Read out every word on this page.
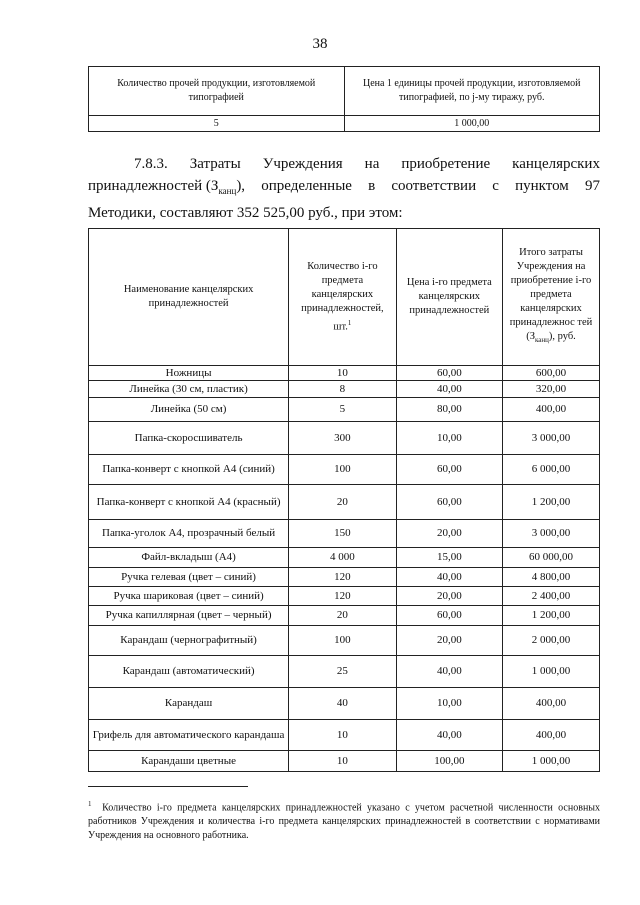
38
Количество прочей продукции, изготовляемой типографией	Цена 1 единицы прочей продукции, изготовляемой типографией, по j-му тиражу, руб.
5	1 000,00
7.8.3. Затраты Учреждения на приобретение канцелярских
принадлежностей $(З_{канц})$, определенные в соответствии с пунктом 97
Методики, составляют 352 525,00 руб., при этом:
Наименование канцелярских принадлежностей	Количество i-го предмета канцелярских принадлежностей, шт.$^1$	Цена i-го предмета канцелярских принадлежностей	Итого затраты Учреждения на приобретение i-го предмета канцелярских принадлежнос тей $(З_{канц})$, руб.
Ножницы	10	60,00	600,00
Линейка (30 см, пластик)	8	40,00	320,00
Линейка (50 см)	5	80,00	400,00
Папка-скоросшиватель	300	10,00	3 000,00
Папка-конверт с кнопкой А4 (синий)	100	60,00	6 000,00
Папка-конверт с кнопкой А4 (красный)	20	60,00	1 200,00
Папка-уголок А4, прозрачный белый	150	20,00	3 000,00
Файл-вкладыш (А4)	4 000	15,00	60 000,00
Ручка гелевая (цвет – синий)	120	40,00	4 800,00
Ручка шариковая (цвет – синий)	120	20,00	2 400,00
Ручка капиллярная (цвет – черный)	20	60,00	1 200,00
Карандаш (чернографитный)	100	20,00	2 000,00
Карандаш (автоматический)	25	40,00	1 000,00
Карандаш	40	10,00	400,00
Грифель для автоматического карандаша	10	40,00	400,00
Карандаши цветные	10	100,00	1 000,00
$^1$ Количество i-го предмета канцелярских принадлежностей указано с учетом расчетной численности основных работников Учреждения и количества i-го предмета канцелярских принадлежностей в соответствии с нормативами Учреждения на основного работника.
